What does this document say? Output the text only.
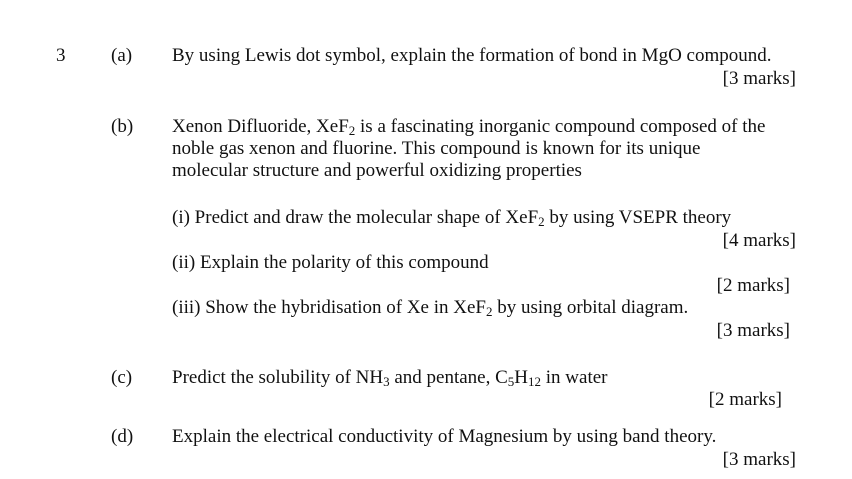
3 (a) By using Lewis dot symbol, explain the formation of bond in MgO compound.
[3 marks]
(b) Xenon Difluoride, XeF$_2$ is a fascinating inorganic compound composed of the
noble gas xenon and fluorine. This compound is known for its unique
molecular structure and powerful oxidizing properties
(i) Predict and draw the molecular shape of XeF$_2$ by using VSEPR theory
[4 marks]
(ii) Explain the polarity of this compound
[2 marks]
(iii) Show the hybridisation of Xe in XeF$_2$ by using orbital diagram.
[3 marks]
(c) Predict the solubility of $NH_3$ and pentane, $C_5H_{12}$ in water
[2 marks]
(d) Explain the electrical conductivity of Magnesium by using band theory.
[3 marks]
